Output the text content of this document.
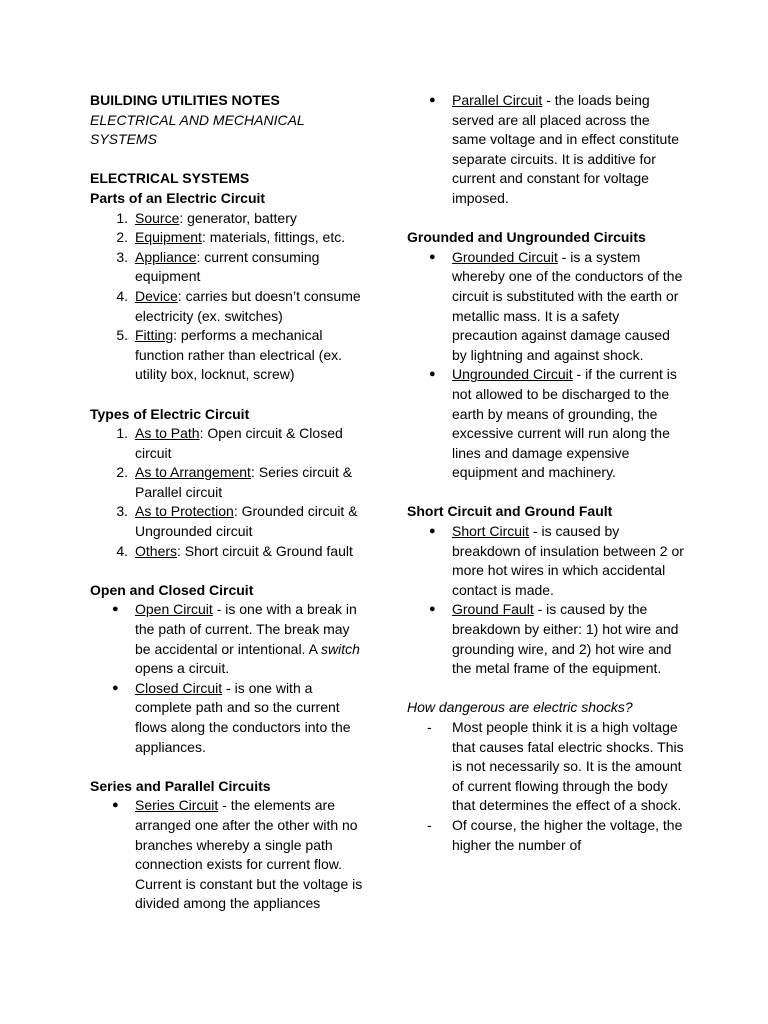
BUILDING UTILITIES NOTES
ELECTRICAL AND MECHANICAL SYSTEMS
ELECTRICAL SYSTEMS
Parts of an Electric Circuit
1. Source: generator, battery
2. Equipment: materials, fittings, etc.
3. Appliance: current consuming equipment
4. Device: carries but doesn’t consume electricity (ex. switches)
5. Fitting: performs a mechanical function rather than electrical (ex. utility box, locknut, screw)
Types of Electric Circuit
1. As to Path: Open circuit & Closed circuit
2. As to Arrangement: Series circuit & Parallel circuit
3. As to Protection: Grounded circuit & Ungrounded circuit
4. Others: Short circuit & Ground fault
Open and Closed Circuit
● Open Circuit - is one with a break in the path of current. The break may be accidental or intentional. A switch opens a circuit.
● Closed Circuit - is one with a complete path and so the current flows along the conductors into the appliances.
Series and Parallel Circuits
● Series Circuit - the elements are arranged one after the other with no branches whereby a single path connection exists for current flow. Current is constant but the voltage is divided among the appliances
● Parallel Circuit - the loads being served are all placed across the same voltage and in effect constitute separate circuits. It is additive for current and constant for voltage imposed.
Grounded and Ungrounded Circuits
● Grounded Circuit - is a system whereby one of the conductors of the circuit is substituted with the earth or metallic mass. It is a safety precaution against damage caused by lightning and against shock.
● Ungrounded Circuit - if the current is not allowed to be discharged to the earth by means of grounding, the excessive current will run along the lines and damage expensive equipment and machinery.
Short Circuit and Ground Fault
● Short Circuit - is caused by breakdown of insulation between 2 or more hot wires in which accidental contact is made.
● Ground Fault - is caused by the breakdown by either: 1) hot wire and grounding wire, and 2) hot wire and the metal frame of the equipment.
How dangerous are electric shocks?
- Most people think it is a high voltage that causes fatal electric shocks. This is not necessarily so. It is the amount of current flowing through the body that determines the effect of a shock.
- Of course, the higher the voltage, the higher the number of
